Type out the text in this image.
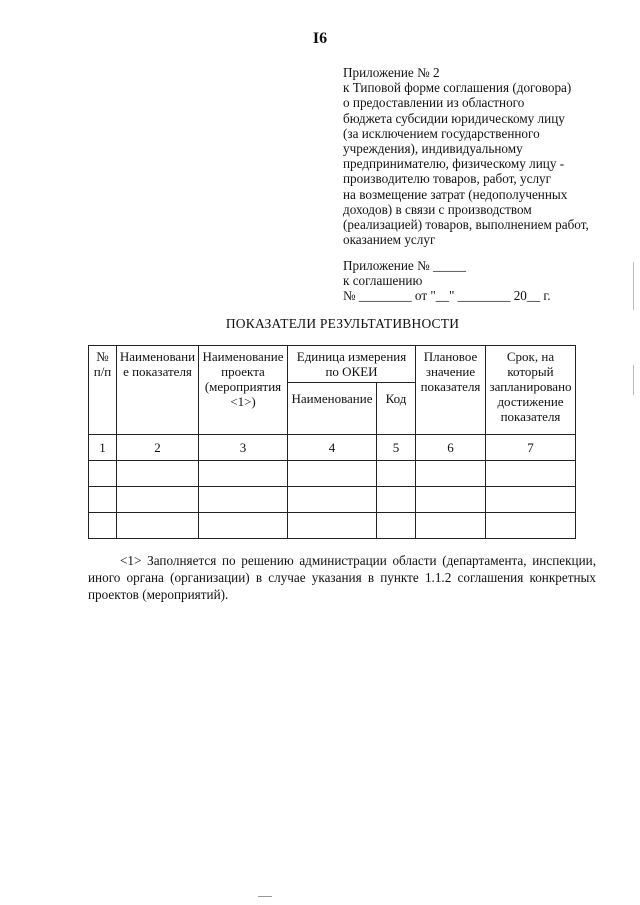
I6
Приложение № 2
к Типовой форме соглашения (договора)
о предоставлении из областного
бюджета субсидии юридическому лицу
(за исключением государственного
учреждения), индивидуальному
предпринимателю, физическому лицу -
производителю товаров, работ, услуг
на возмещение затрат (недополученных
доходов) в связи с производством
(реализацией) товаров, выполнением работ,
оказанием услуг
Приложение № _____
к соглашению
№ ________ от "__" ________ 20__ г.
ПОКАЗАТЕЛИ РЕЗУЛЬТАТИВНОСТИ
№ п/п	Наименовани е показателя	Наименование проекта (мероприятия <1>)	Единица измерения по ОКЕИ		Плановое значение показателя	Срок, на который запланировано достижение показателя
			Наименование	Код		
1	2	3	4	5	6	7

<1> Заполняется по решению администрации области (департамента, инспекции, иного органа (организации) в случае указания в пункте 1.1.2 соглашения конкретных проектов (мероприятий).
